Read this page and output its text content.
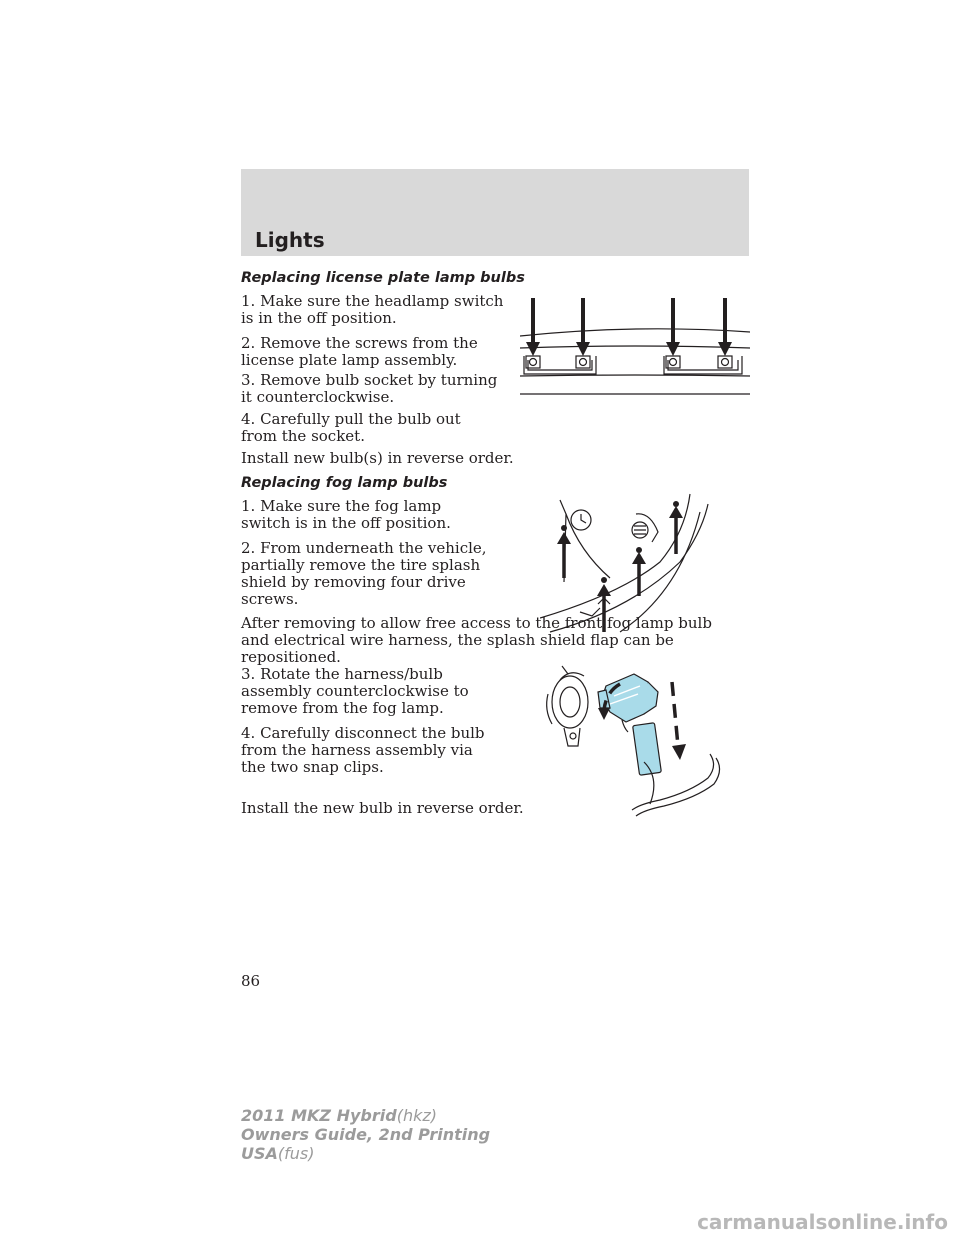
Lights
Replacing license plate lamp bulbs

1. Make sure the headlamp switch is in the off position.

2. Remove the screws from the license plate lamp assembly.

3. Remove bulb socket by turning it counterclockwise.

4. Carefully pull the bulb out from the socket.

Install new bulb(s) in reverse order.

Replacing fog lamp bulbs

1. Make sure the fog lamp switch is in the off position.

2. From underneath the vehicle, partially remove the tire splash shield by removing four drive screws.

After removing to allow free access to the front fog lamp bulb and electrical wire harness, the splash shield flap can be repositioned.

3. Rotate the harness/bulb assembly counterclockwise to remove from the fog lamp.

4. Carefully disconnect the bulb from the harness assembly via the two snap clips.

Install the new bulb in reverse order.

86
2011 MKZ Hybrid(hkz)
Owners Guide, 2nd Printing
USA(fus)
carmanualsonline.info
